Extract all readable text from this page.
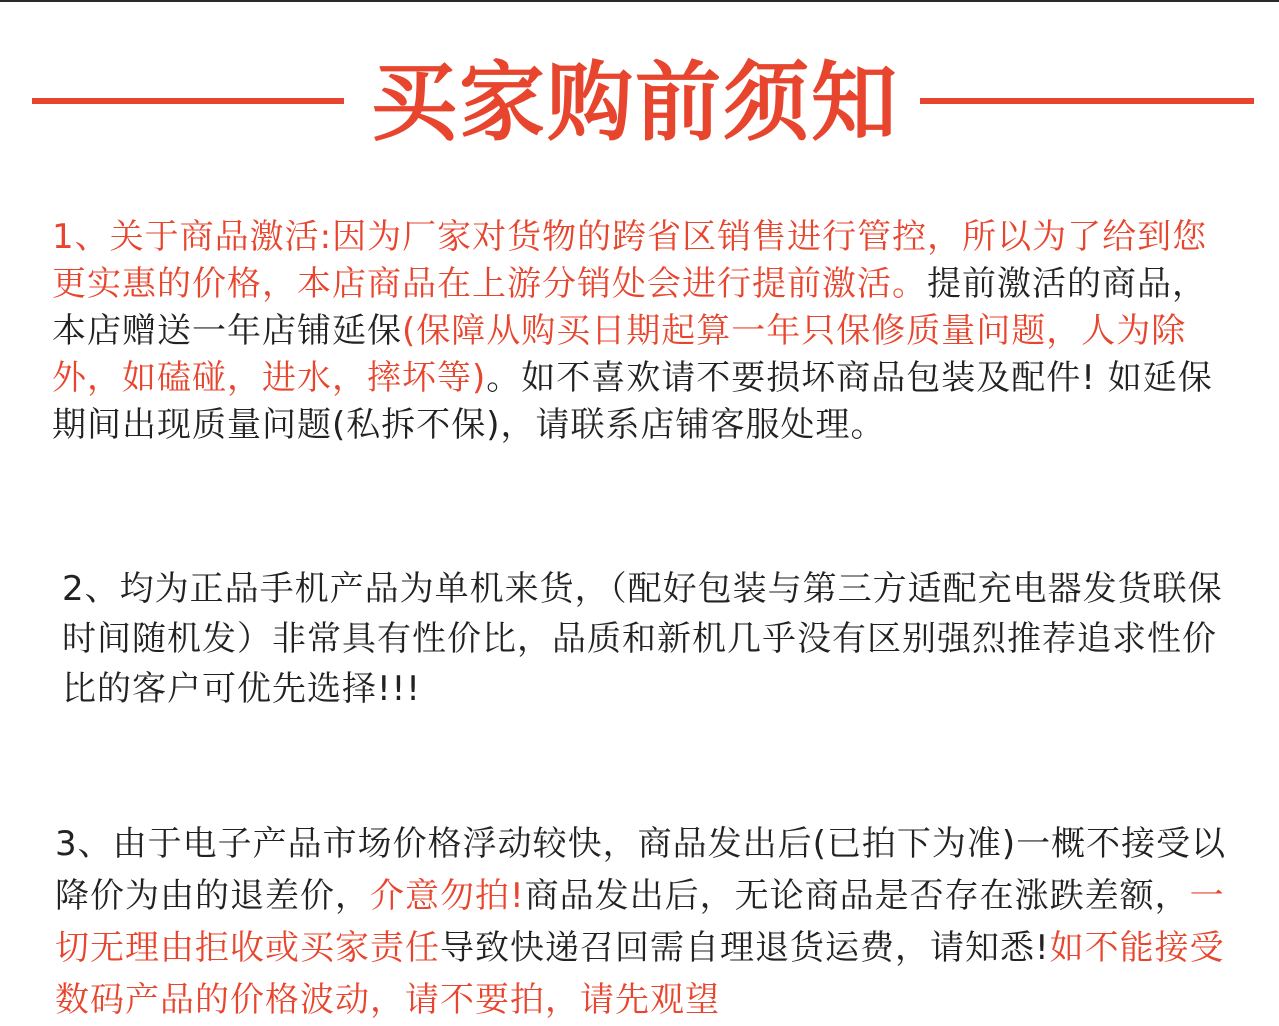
买家购前须知
1、关于商品激活:因为厂家对货物的跨省区销售进行管控，所以为了给到您更实惠的价格，本店商品在上游分销处会进行提前激活。提前激活的商品，本店赠送一年店铺延保(保障从购买日期起算一年只保修质量问题，人为除外，如磕碰，进水，摔坏等)。如不喜欢请不要损坏商品包装及配件! 如延保期间出现质量问题(私拆不保)，请联系店铺客服处理。
2、均为正品手机产品为单机来货，（配好包装与第三方适配充电器发货联保时间随机发）非常具有性价比，品质和新机几乎没有区别强烈推荐追求性价比的客户可优先选择!!!
3、由于电子产品市场价格浮动较快，商品发出后(已拍下为准)一概不接受以降价为由的退差价，介意勿拍!商品发出后，无论商品是否存在涨跌差额，一切无理由拒收或买家责任导致快递召回需自理退货运费，请知悉!如不能接受数码产品的价格波动，请不要拍，请先观望
